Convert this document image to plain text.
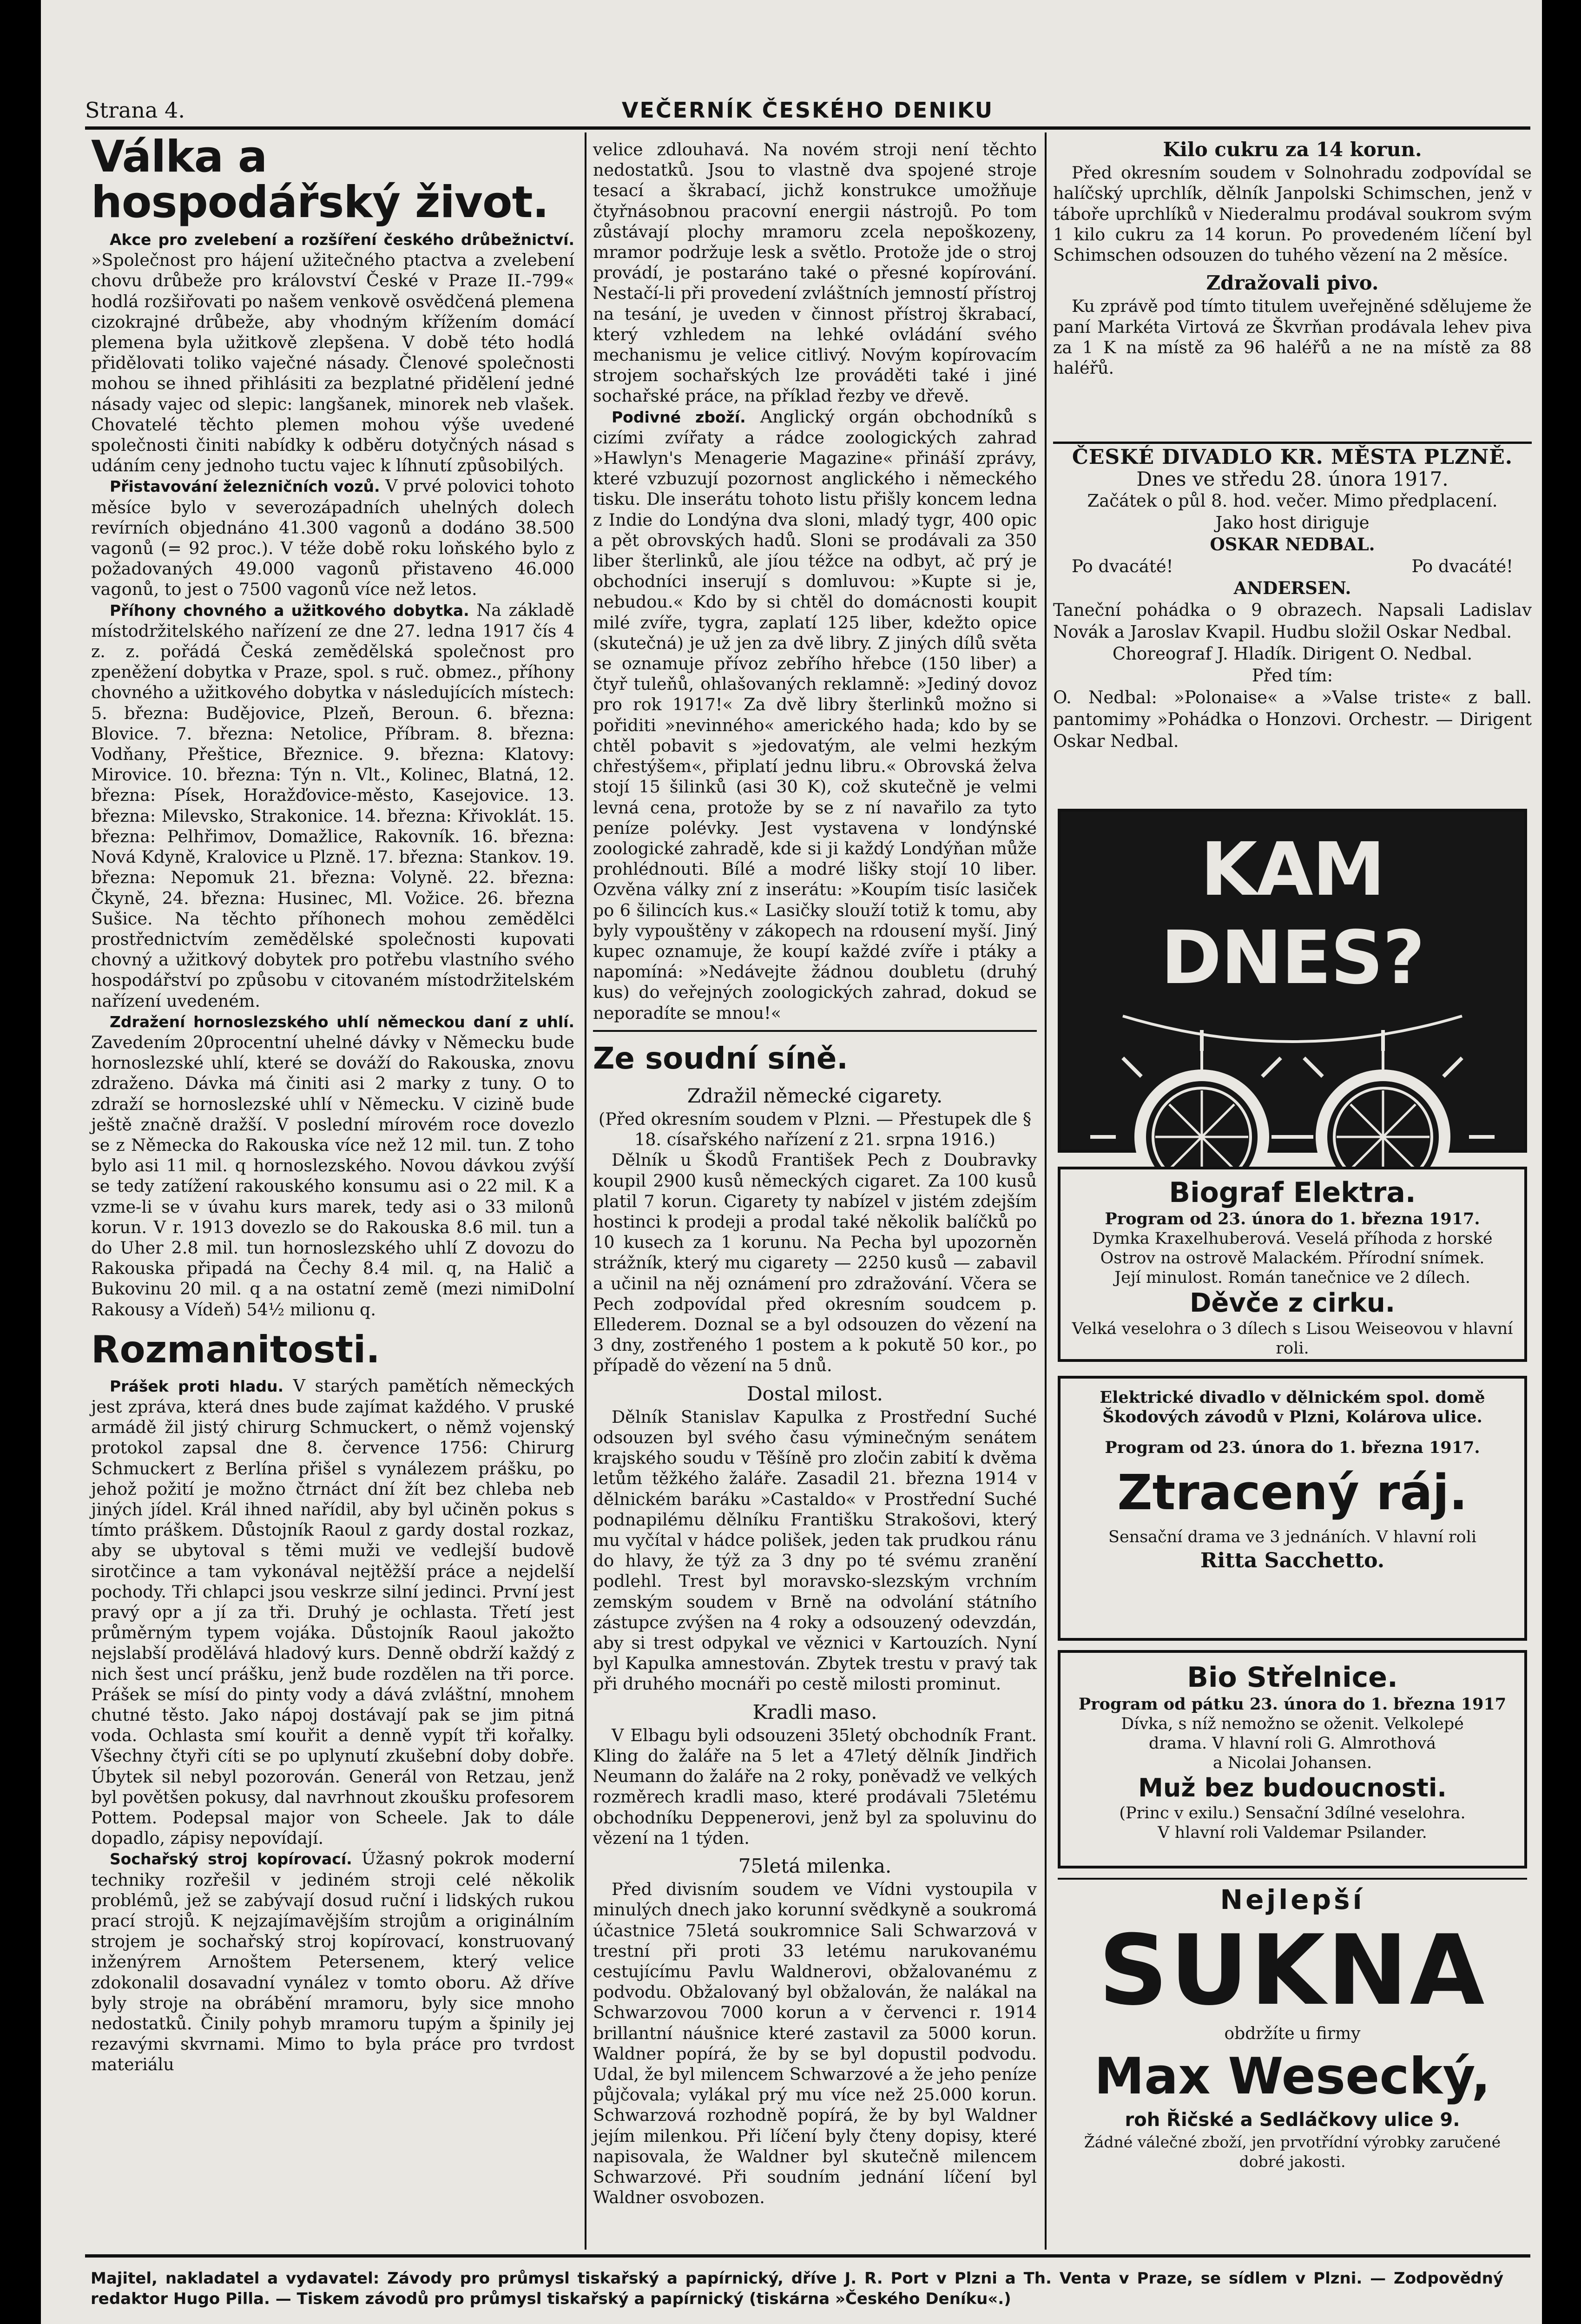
Strana 4.	VEČERNÍK ČESKÉHO DENIKU
Válka a hospodářský život.

Akce pro zvelebení a rozšíření českého drůbežnictví. »Společnost pro hájení užitečného ptactva a zvelebení chovu drůbeže pro království České v Praze II.-799« hodlá rozšiřovati po našem venkově osvědčená plemena cizokrajné drůbeže, aby vhodným křížením domácí plemena byla užitkově zlepšena. V době této hodlá přidělovati toliko vaječné násady. Členové společnosti mohou se ihned přihlásiti za bezplatné přidělení jedné násady vajec od slepic: langšanek, minorek neb vlašek. Chovatelé těchto plemen mohou výše uvedené společnosti činiti nabídky k odběru dotyčných násad s udáním ceny jednoho tuctu vajec k líhnutí způsobilých.

Přistavování železničních vozů. V prvé polovici tohoto měsíce bylo v severozápadních uhelných dolech revírních objednáno 41.300 vagonů a dodáno 38.500 vagonů (= 92 proc.). V téže době roku loňského bylo z požadovaných 49.000 vagonů přistaveno 46.000 vagonů, to jest o 7500 vagonů více než letos.

Příhony chovného a užitkového dobytka. Na základě místodržitelského nařízení ze dne 27. ledna 1917 čís 4 z. z. pořádá Česká zemědělská společnost pro zpeněžení dobytka v Praze, spol. s ruč. obmez., příhony chovného a užitkového dobytka v následujících místech: 5. března: Budějovice, Plzeň, Beroun. 6. března: Blovice. 7. března: Netolice, Příbram. 8. března: Vodňany, Přeštice, Březnice. 9. března: Klatovy: Mirovice. 10. března: Týn n. Vlt., Kolinec, Blatná, 12. března: Písek, Horažďovice-město, Kasejovice. 13. března: Milevsko, Strakonice. 14. března: Křivoklát. 15. března: Pelhřimov, Domažlice, Rakovník. 16. března: Nová Kdyně, Kralovice u Plzně. 17. března: Stankov. 19. března: Nepomuk 21. března: Volyně. 22. března: Čkyně, 24. března: Husinec, Ml. Vožice. 26. března Sušice. Na těchto příhonech mohou zemědělci prostřednictvím zemědělské společnosti kupovati chovný a užitkový dobytek pro potřebu vlastního svého hospodářství po způsobu v citovaném místodržitelském nařízení uvedeném.

Zdražení hornoslezského uhlí německou daní z uhlí. Zavedením 20procentní uhelné dávky v Německu bude hornoslezské uhlí, které se dováží do Rakouska, znovu zdraženo. Dávka má činiti asi 2 marky z tuny. O to zdraží se hornoslezské uhlí v Německu. V cizině bude ještě značně dražší. V poslední mírovém roce dovezlo se z Německa do Rakouska více než 12 mil. tun. Z toho bylo asi 11 mil. q hornoslezského. Novou dávkou zvýší se tedy zatížení rakouského konsumu asi o 22 mil. K a vzme-li se v úvahu kurs marek, tedy asi o 33 milonů korun. V r. 1913 dovezlo se do Rakouska 8.6 mil. tun a do Uher 2.8 mil. tun hornoslezského uhlí Z dovozu do Rakouska připadá na Čechy 8.4 mil. q, na Halič a Bukovinu 20 mil. q a na ostatní země (mezi nimiDolní Rakousy a Vídeň) 54½ milionu q.

Rozmanitosti.

Prášek proti hladu. V starých pamětích německých jest zpráva, která dnes bude zajímat každého. V pruské armádě žil jistý chirurg Schmuckert, o němž vojenský protokol zapsal dne 8. července 1756: Chirurg Schmuckert z Berlína přišel s vynálezem prášku, po jehož požití je možno čtrnáct dní žít bez chleba neb jiných jídel. Král ihned nařídil, aby byl učiněn pokus s tímto práškem. Důstojník Raoul z gardy dostal rozkaz, aby se ubytoval s těmi muži ve vedlejší budově sirotčince a tam vykonával nejtěžší práce a nejdelší pochody. Tři chlapci jsou veskrze silní jedinci. První jest pravý opr a jí za tři. Druhý je ochlasta. Třetí jest průměrným typem vojáka. Důstojník Raoul jakožto nejslabší prodělává hladový kurs. Denně obdrží každý z nich šest uncí prášku, jenž bude rozdělen na tři porce. Prášek se mísí do pinty vody a dává zvláštní, mnohem chutné těsto. Jako nápoj dostávají pak se jim pitná voda. Ochlasta smí kouřit a denně vypít tři kořalky. Všechny čtyři cíti se po uplynutí zkušební doby dobře. Úbytek sil nebyl pozorován. Generál von Retzau, jenž byl povětšen pokusy, dal navrhnout zkoušku profesorem Pottem. Podepsal major von Scheele. Jak to dále dopadlo, zápisy nepovídají.

Sochařský stroj kopírovací. Úžasný pokrok moderní techniky rozřešil v jediném stroji celé několik problémů, jež se zabývají dosud ruční i lidských rukou prací strojů. K nejzajímavějším strojům a originálním strojem je sochařský stroj kopírovací, konstruovaný inženýrem Arnoštem Petersenem, který velice zdokonalil dosavadní vynález v tomto oboru. Až dříve byly stroje na obrábění mramoru, byly sice mnoho nedostatků. Činily pohyb mramoru tupým a špinily jej rezavými skvrnami. Mimo to byla práce pro tvrdost materiálu

velice zdlouhavá. Na novém stroji není těchto nedostatků. Jsou to vlastně dva spojené stroje tesací a škrabací, jichž konstrukce umožňuje čtyřnásobnou pracovní energii nástrojů. Po tom zůstávají plochy mramoru zcela nepoškozeny, mramor podržuje lesk a světlo. Protože jde o stroj provádí, je postaráno také o přesné kopírování. Nestačí-li při provedení zvláštních jemností přístroj na tesání, je uveden v činnost přístroj škrabací, který vzhledem na lehké ovládání svého mechanismu je velice citlivý. Novým kopírovacím strojem sochařských lze prováděti také i jiné sochařské práce, na příklad řezby ve dřevě.

Podivné zboží. Anglický orgán obchodníků s cizími zvířaty a rádce zoologických zahrad »Hawlyn's Menagerie Magazine« přináší zprávy, které vzbuzují pozornost anglického i německého tisku. Dle inserátu tohoto listu přišly koncem ledna z Indie do Londýna dva sloni, mladý tygr, 400 opic a pět obrovských hadů. Sloni se prodávali za 350 liber šterlinků, ale jíou téžce na odbyt, ač prý je obchodníci inserují s domluvou: »Kupte si je, nebudou.« Kdo by si chtěl do domácnosti koupit milé zvíře, tygra, zaplatí 125 liber, kdežto opice (skutečná) je už jen za dvě libry. Z jiných dílů světa se oznamuje přívoz zebřího hřebce (150 liber) a čtyř tuleňů, ohlašovaných reklamně: »Jediný dovoz pro rok 1917!« Za dvě libry šterlinků možno si pořiditi »nevinného« amerického hada; kdo by se chtěl pobavit s »jedovatým, ale velmi hezkým chřestýšem«, připlatí jednu libru.« Obrovská želva stojí 15 šilinků (asi 30 K), což skutečně je velmi levná cena, protože by se z ní navařilo za tyto peníze polévky. Jest vystavena v londýnské zoologické zahradě, kde si ji každý Londýňan může prohlédnouti. Bílé a modré lišky stojí 10 liber. Ozvěna války zní z inserátu: »Koupím tisíc lasiček po 6 šilincích kus.« Lasičky slouží totiž k tomu, aby byly vypouštěny v zákopech na rdousení myší. Jiný kupec oznamuje, že koupí každé zvíře i ptáky a napomíná: »Nedávejte žádnou doubletu (druhý kus) do veřejných zoologických zahrad, dokud se neporadíte se mnou!«

Ze soudní síně.
Zdražil německé cigarety.

(Před okresním soudem v Plzni. — Přestupek dle § 18. císařského nařízení z 21. srpna 1916.)

Dělník u Škodů František Pech z Doubravky koupil 2900 kusů německých cigaret. Za 100 kusů platil 7 korun. Cigarety ty nabízel v jistém zdejším hostinci k prodeji a prodal také několik balíčků po 10 kusech za 1 korunu. Na Pecha byl upozorněn strážník, který mu cigarety — 2250 kusů — zabavil a učinil na něj oznámení pro zdražování. Včera se Pech zodpovídal před okresním soudcem p. Ellederem. Doznal se a byl odsouzen do vězení na 3 dny, zostřeného 1 postem a k pokutě 50 kor., po případě do vězení na 5 dnů.

Dostal milost.

Dělník Stanislav Kapulka z Prostřední Suché odsouzen byl svého času výminečným senátem krajského soudu v Těšíně pro zločin zabití k dvěma letům těžkého žaláře. Zasadil 21. března 1914 v dělnickém baráku »Castaldo« v Prostřední Suché podnapilému dělníku Františku Strakošovi, který mu vyčítal v hádce polišek, jeden tak prudkou ránu do hlavy, že týž za 3 dny po té svému zranění podlehl. Trest byl moravsko-slezským vrchním zemským soudem v Brně na odvolání státního zástupce zvýšen na 4 roky a odsouzený odevzdán, aby si trest odpykal ve věznici v Kartouzích. Nyní byl Kapulka amnestován. Zbytek trestu v pravý tak při druhého mocnáři po cestě milosti prominut.

Kradli maso.

V Elbagu byli odsouzeni 35letý obchodník Frant. Kling do žaláře na 5 let a 47letý dělník Jindřich Neumann do žaláře na 2 roky, poněvadž ve velkých rozměrech kradli maso, které prodávali 75letému obchodníku Deppenerovi, jenž byl za spoluvinu do vězení na 1 týden.

75letá milenka.

Před divisním soudem ve Vídni vystoupila v minulých dnech jako korunní svědkyně a soukromá účastnice 75letá soukromnice Sali Schwarzová v trestní při proti 33 letému narukovanému cestujícímu Pavlu Waldnerovi, obžalovanému z podvodu. Obžalovaný byl obžalován, že nalákal na Schwarzovou 7000 korun a v červenci r. 1914 brillantní náušnice které zastavil za 5000 korun. Waldner popírá, že by se byl dopustil podvodu. Udal, že byl milencem Schwarzové a že jeho peníze půjčovala; vylákal prý mu více než 25.000 korun. Schwarzová rozhodně popírá, že by byl Waldner jejím milenkou. Při líčení byly čteny dopisy, které napisovala, že Waldner byl skutečně milencem Schwarzové. Při soudním jednání líčení byl Waldner osvobozen.

Kilo cukru za 14 korun.

Před okresním soudem v Solnohradu zodpovídal se halíčský uprchlík, dělník Janpolski Schimschen, jenž v táboře uprchlíků v Niederalmu prodával soukrom svým 1 kilo cukru za 14 korun. Po provedeném líčení byl Schimschen odsouzen do tuhého vězení na 2 měsíce.

Zdražovali pivo.

Ku zprávě pod tímto titulem uveřejněné sdělujeme že paní Markéta Virtová ze Škvrňan prodávala lehev piva za 1 K na místě za 96 haléřů a ne na místě za 88 haléřů.

ČESKÉ DIVADLO KR. MĚSTA PLZNĚ.
Dnes ve středu 28. února 1917.
Začátek o půl 8. hod. večer. Mimo předplacení.
Jako host diriguje
OSKAR NEDBAL.
Po dvacáté!	Po dvacáté!
ANDERSEN.
Taneční pohádka o 9 obrazech. Napsali Ladislav Novák a Jaroslav Kvapil. Hudbu složil Oskar Nedbal.
Choreograf J. Hladík. Dirigent O. Nedbal.
Před tím:
O. Nedbal: »Polonaise« a »Valse triste« z ball. pantomimy »Pohádka o Honzovi. Orchestr. — Dirigent Oskar Nedbal.
KAM DNES?
Biograf Elektra.
Program od 23. února do 1. března 1917.
Dymka Kraxelhuberová. Veselá příhoda z horské
Ostrov na ostrově Malackém. Přírodní snímek.
Její minulost. Román tanečnice ve 2 dílech.
Děvče z cirku.
Velká veselohra o 3 dílech s Lisou Weiseovou v hlavní roli.
Elektrické divadlo v dělnickém spol. domě
Škodových závodů v Plzni, Kolárova ulice.
Program od 23. února do 1. března 1917.
Ztracený ráj.
Sensační drama ve 3 jednáních. V hlavní roli
Ritta Sacchetto.
Bio Střelnice.
Program od pátku 23. února do 1. března 1917
Dívka, s níž nemožno se oženit. Velkolepé
drama. V hlavní roli G. Almrothová
a Nicolai Johansen.
Muž bez budoucnosti.
(Princ v exilu.) Sensační 3dílné veselohra.
V hlavní roli Valdemar Psilander.
Nejlepší
SUKNA
obdržíte u firmy
Max Wesecký,
roh Řičské a Sedláčkovy ulice 9.
Žádné válečné zboží, jen prvotřídní výrobky zaručené dobré jakosti.
Majitel, nakladatel a vydavatel: Závody pro průmysl tiskařský a papírnický, dříve J. R. Port v Plzni a Th. Venta v Praze, se sídlem v Plzni. — Zodpovědný redaktor Hugo Pilla. — Tiskem závodů pro průmysl tiskařský a papírnický (tiskárna »Českého Deníku«.)
